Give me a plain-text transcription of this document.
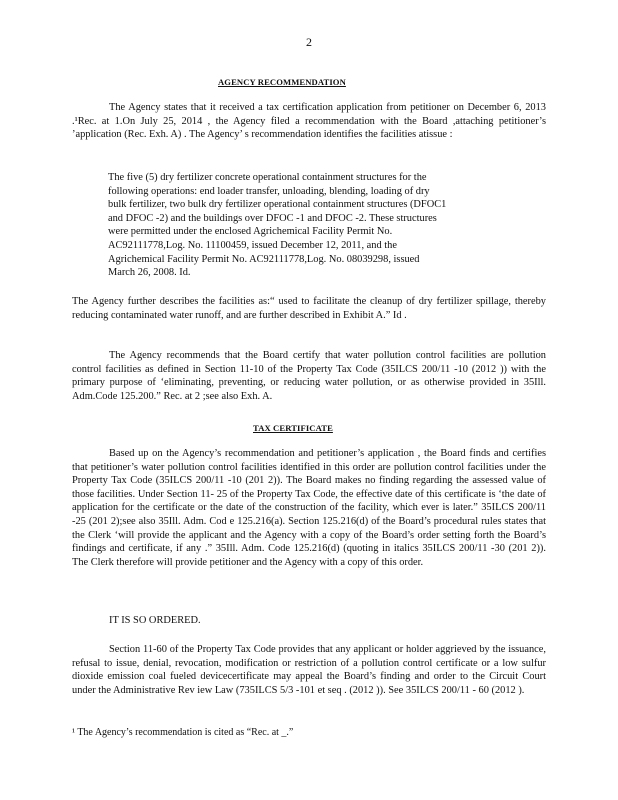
2
AGENCY RECOMMENDATION
The Agency states that it received a tax certification application from petitioner on December 6, 2013 .¹Rec. at 1.On July 25, 2014 , the Agency filed a recommendation with the Board ,attaching petitioner’s ’application (Rec. Exh. A) . The Agency’ s recommendation identifies the facilities atissue :
The five (5) dry fertilizer concrete operational containment structures for the
following operations: end loader transfer, unloading, blending, loading of dry
bulk fertilizer, two bulk dry fertilizer operational containment structures (DFOC1
and DFOC -2) and the buildings over DFOC -1 and DFOC -2. These structures
were permitted under the enclosed Agrichemical Facility Permit No.
AC92111778,Log. No. 11100459, issued December 12, 2011, and the
Agrichemical Facility Permit No. AC92111778,Log. No. 08039298, issued
March 26, 2008. Id.
The Agency further describes the facilities as:“ used to facilitate the cleanup of dry fertilizer spillage, thereby reducing contaminated water runoff, and are further described in Exhibit A.” Id .
The Agency recommends that the Board certify that water pollution control facilities are pollution control facilities as defined in Section 11-10 of the Property Tax Code (35ILCS 200/11 -10 (2012 )) with the primary purpose of ‘eliminating, preventing, or reducing water pollution, or as otherwise provided in 35Ill. Adm.Code 125.200.” Rec. at 2 ;see also Exh. A.
TAX CERTIFICATE
Based up on the Agency’s recommendation and petitioner’s application , the Board finds and certifies that petitioner’s water pollution control facilities identified in this order are pollution control facilities under the Property Tax Code (35ILCS 200/11 -10 (201 2)). The Board makes no finding regarding the assessed value of those facilities. Under Section 11- 25 of the Property Tax Code, the effective date of this certificate is ‘the date of application for the certificate or the date of the construction of the facility, which ever is later.” 35ILCS 200/11 -25 (201 2);see also 35Ill. Adm. Cod e 125.216(a). Section 125.216(d) of the Board’s procedural rules states that the Clerk ‘will provide the applicant and the Agency with a copy of the Board’s order setting forth the Board’s findings and certificate, if any .” 35Ill. Adm. Code 125.216(d) (quoting in italics 35ILCS 200/11 -30 (201 2)). The Clerk therefore will provide petitioner and the Agency with a copy of this order.
IT IS SO ORDERED.
Section 11-60 of the Property Tax Code provides that any applicant or holder aggrieved by the issuance, refusal to issue, denial, revocation, modification or restriction of a pollution control certificate or a low sulfur dioxide emission coal fueled devicecertificate may appeal the Board’s finding and order to the Circuit Court under the Administrative Rev iew Law (735ILCS 5/3 -101 et seq . (2012 )). See 35ILCS 200/11 - 60 (2012 ).
¹ The Agency’s recommendation is cited as “Rec. at _.”
